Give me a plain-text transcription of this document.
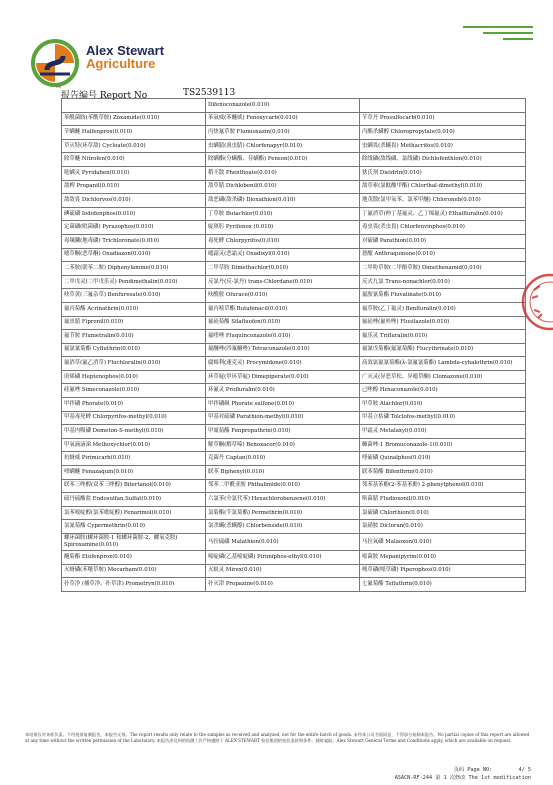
Alex Stewart
Agriculture
TM
报告编号 Report No	TS2539113
	Difenoconazole(0.010)	
苯酰菌胺(苯酰草胺) Zoxamide(0.010)	苯氧威(苯醚威) Fenoxycarb(0.010)	苄草丹 Prosulfocarb(0.010)
苄螨醚 Halfenprox(0.010)	丙炔氟草胺 Flumioxazin(0.010)	丙酯杀螨醇 Chloropropylate(0.010)
草灭特(环草敌) Cycloate(0.010)	虫螨腈(溴虫腈) Chlorfenapyr(0.010)	虫螨畏(杀螨畏) Methacrifos(0.010)
除草醚 Nitrofen(0.010)	除螨酯(分螨酯、芬螨酯) Fenson(0.010)	除线磷(敌线磷、氯线磷) Dichlofenthion(0.010)
哒螨灵 Pyridaben(0.010)	稻丰散 Phenthoate(0.010)	狄氏剂 Dieldrin(0.010)
敌稗 Propanil(0.010)	敌草腈 Dichlobenil(0.010)	敌草索(氯酞酸甲酯) Chlorthal-dimethyl(0.010)
敌敌畏 Dichlorvos(0.010)	敌恶磷(敌杀磷) Dioxathion(0.010)	地茂散(氯甲氧苯、氯苯甲醚) Chloroneb(0.010)
碘硫磷 Iodofenphos(0.010)	丁草胺 Butachlor(0.010)	丁氟消草(伸丁基氟灵、乙丁烯氟灵) Ethalfluralin(0.010)
定菌磷(吡菌磷) Pyrazophos(0.010)	啶斑肟 Pyrifenox (0.010)	毒虫畏(杀虫畏) Chlorfenvinphos(0.010)
毒壤膦(地毒磷) Trichloronate(0.010)	毒死蜱 Chlorpyrifos(0.010)	对硫磷 Parathion(0.010)
噁草酮(恶草酮) Oxadiazon(0.010)	噁霜灵(恶霜灵) Oxadixyl(0.010)	蒽醌 Anthraquinone(0.010)
二苯胺(联苯二胺) Diphenylamine(0.010)	二甲草胺 Dimethachlor(0.010)	二甲吩草胺(二甲酚草胺) Dimethenamid(0.010)
二甲戊灵(二甲戊乐灵) Pendimethalin(0.010)	反氯丹(反-氯丹) trans-Chlordane(0.010)	反式九氯 Trans-nonachlor(0.010)
呋草黄(三氟杂草) Benfuresate(0.010)	呋酰胺 Ofurace(0.010)	氟胺氰菊酯 Fluvalinate(0.010)
氟丙菊酯 Acrinathrin(0.010)	氟丙嘧草酯 Butafenacil(0.010)	氟草胺(乙丁氟灵) Benfluralin(0.010)
氟虫腈 Fipronil(0.010)	氟硅菊酯 Silafluofen(0.010)	氟硅唑(氟哇唑) Flusilazole(0.010)
氟节胺 Flumetralin(0.010)	氟喹唑 Fluquinconazole(0.010)	氟乐灵 Trifluralin(0.010)
氟氯氰菊酯 Cyfluthrin(0.010)	氟醚唑(四氟醚唑) Tetraconazole(0.010)	氟氰戊菊酯(氟氰菊酯) Flucythrinate(0.010)
氟消草(氟乙消草) Fluchloralin(0.010)	腐霉利(速克灵) Procymidone(0.010)	高效氯氟氰菊酯(λ-氯氟氰菊酯) Lambda-cyhalothrin(0.010)
庚烯磷 Heptenophos(0.010)	环草啶(甲环草啶) Dimepiperate(0.010)	广灭灵(异恶草松、异噁草酮) Clomazone(0.010)
硅氟唑 Simeconazole(0.010)	环氟灵 Profluralin(0.010)	己唑醇 Hexaconazole(0.010)
甲拌磷 Phorate(0.010)	甲拌磷砜 Phorate sulfone(0.010)	甲草胺 Alachlor(0.010)
甲基毒死蜱 Chlorpyrifos-methyl(0.010)	甲基对硫磷 Parathion-methyl(0.010)	甲基立枯磷 Tolclofos-methyl(0.010)
甲基内吸磷 Demeton-S-methyl(0.010)	甲氰菊酯 Fenpropathrin(0.010)	甲霜灵 Metalaxyl(0.010)
甲氧滴滴涕 Methoxychlor(0.010)	解草酮(解草嗪) Benoxacor(0.010)	糠菌唑-1 Bromuconazole-1(0.010)
抗蚜威 Pirimicarb(0.010)	克菌丹 Captan(0.010)	喹硫磷 Quinalphos(0.010)
喹螨醚 Fenazaquin(0.010)	联苯 Biphenyl(0.010)	联苯菊酯 Bifenthrin(0.010)
联苯三唑醇(双苯三唑醇) Bitertanol(0.010)	邻苯二甲酰亚胺 Phthalimide(0.010)	邻苯基苯酚(2-苯基苯酚) 2-phenylphenol(0.010)
硫丹硫酸盐 Endosulfan,Sulfat(0.010)	六氯苯(全氯代苯) Hexachlorobenzene(0.010)	咯菌腈 Fludioxonil(0.010)
氯苯嘧啶醇(氯苯吡啶醇) Fenarimol(0.010)	氯菊酯(苄氯菊酯) Permethrin(0.010)	氯硫磷 Chlorthion(0.010)
氯氰菊酯 Cypermethrin(0.010)	氯杀螨(杀螨醇) Chlorbenside(0.010)	氯硝胺 Dicloran(0.010)
螺环菌胺(螺环菌胺-1 和螺环菌胺-2、螺氧克胺) Spiroxamine(0.010)	马拉硫磷 Malathion(0.010)	马拉氧磷 Malaoxon(0.010)
醚菊酯 Etofenprox(0.010)	嘧啶磷(乙基嘧啶磷) Pirimiphos-ethyl(0.010)	嘧菌胺 Mepanipyrim(0.010)
灭蚜磷(苯噻草胺) Mecarbam(0.010)	灭蚁灵 Mirex(0.010)	哌草磷(哌草磷) Piperophos(0.010)
扑草净 (捕草净、扑草津) Prometryn(0.010)	扑灭津 Propazine(0.010)	七氟菊酯 Tefluthrin(0.010)
本结果仅对来样负责。不经批准复制报告，本报告无效。The report results only relate to the samples as received and analyzed, not for the entire batch of goods. 未经本公司书面同意，不得部分复制本报告。No partial copies of this report are allowed at any time without the written permission of the Laboratory. 本报告涉及到的检测工作严格遵照于 ALEX STEWART 检验集团的检验条款和条件。随时索取。Alex Stewart General Terms and Conditions apply, which are available on request.
页码 Page NO:	4/ 5
ASACN-RF-244 第 1 次修改 The 1st modification
